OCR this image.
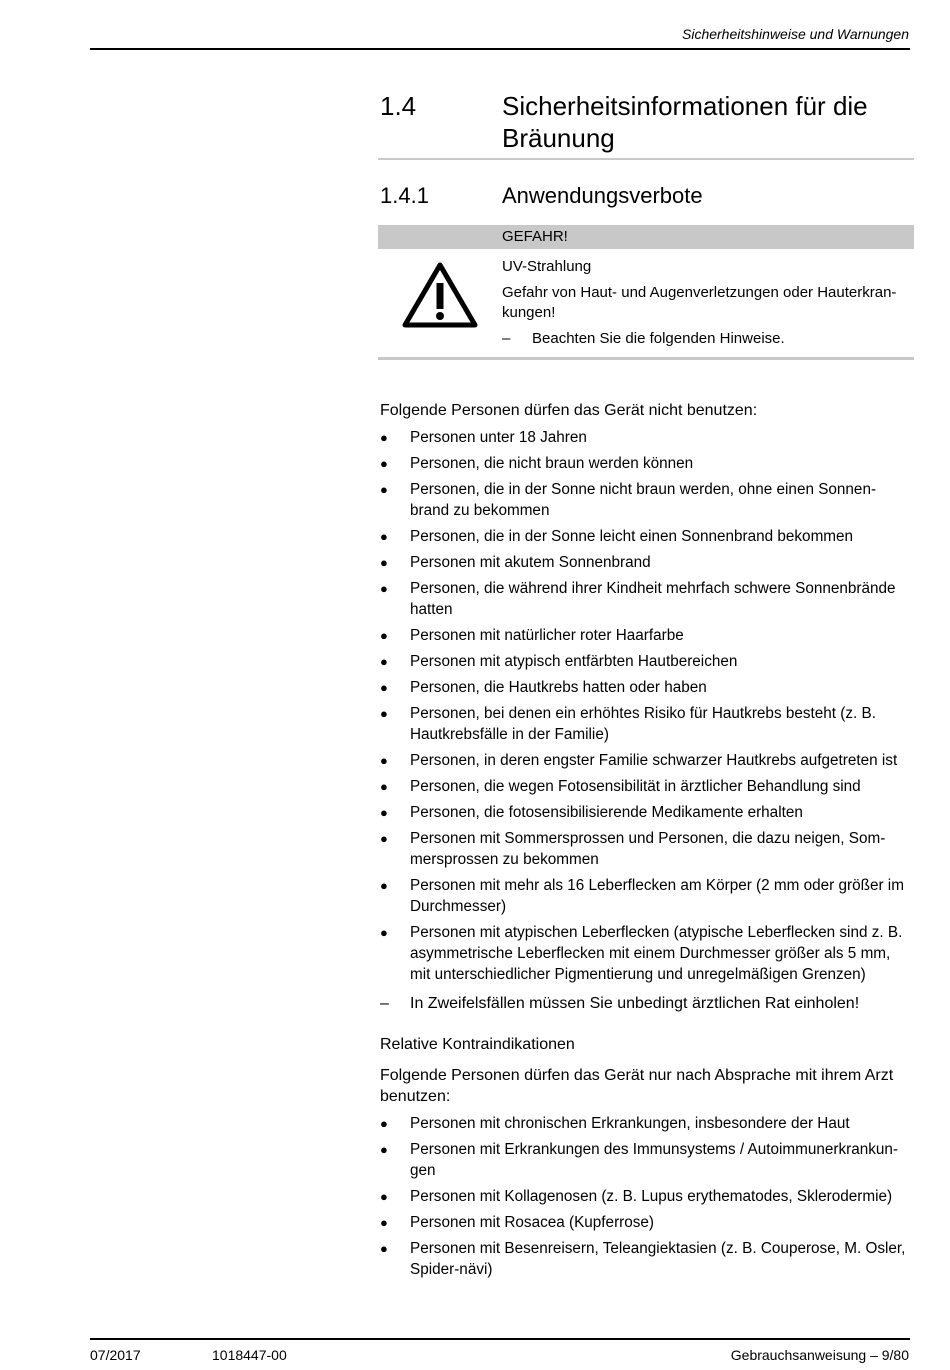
Sicherheitshinweise und Warnungen
1.4	Sicherheitsinformationen für die Bräunung
1.4.1	Anwendungsverbote
GEFAHR!

UV-Strahlung

Gefahr von Haut- und Augenverletzungen oder Hauterkran-kungen!

–	Beachten Sie die folgenden Hinweise.

Folgende Personen dürfen das Gerät nicht benutzen:

●	Personen unter 18 Jahren
●	Personen, die nicht braun werden können
●	Personen, die in der Sonne nicht braun werden, ohne einen Sonnen-brand zu bekommen
●	Personen, die in der Sonne leicht einen Sonnenbrand bekommen
●	Personen mit akutem Sonnenbrand
●	Personen, die während ihrer Kindheit mehrfach schwere Sonnenbrände hatten
●	Personen mit natürlicher roter Haarfarbe
●	Personen mit atypisch entfärbten Hautbereichen
●	Personen, die Hautkrebs hatten oder haben
●	Personen, bei denen ein erhöhtes Risiko für Hautkrebs besteht (z. B. Hautkrebsfälle in der Familie)
●	Personen, in deren engster Familie schwarzer Hautkrebs aufgetreten ist
●	Personen, die wegen Fotosensibilität in ärztlicher Behandlung sind
●	Personen, die fotosensibilisierende Medikamente erhalten
●	Personen mit Sommersprossen und Personen, die dazu neigen, Som-mersprossen zu bekommen
●	Personen mit mehr als 16 Leberflecken am Körper (2 mm oder größer im Durchmesser)
●	Personen mit atypischen Leberflecken (atypische Leberflecken sind z. B. asymmetrische Leberflecken mit einem Durchmesser größer als 5 mm, mit unterschiedlicher Pigmentierung und unregelmäßigen Grenzen)
–	In Zweifelsfällen müssen Sie unbedingt ärztlichen Rat einholen!

Relative Kontraindikationen

Folgende Personen dürfen das Gerät nur nach Absprache mit ihrem Arzt benutzen:

●	Personen mit chronischen Erkrankungen, insbesondere der Haut
●	Personen mit Erkrankungen des Immunsystems / Autoimmunerkrankun-gen
●	Personen mit Kollagenosen (z. B. Lupus erythematodes, Sklerodermie)
●	Personen mit Rosacea (Kupferrose)
●	Personen mit Besenreisern, Teleangiektasien (z. B. Couperose, M. Osler, Spider-nävi)
07/2017	1018447-00	Gebrauchsanweisung – 9/80
